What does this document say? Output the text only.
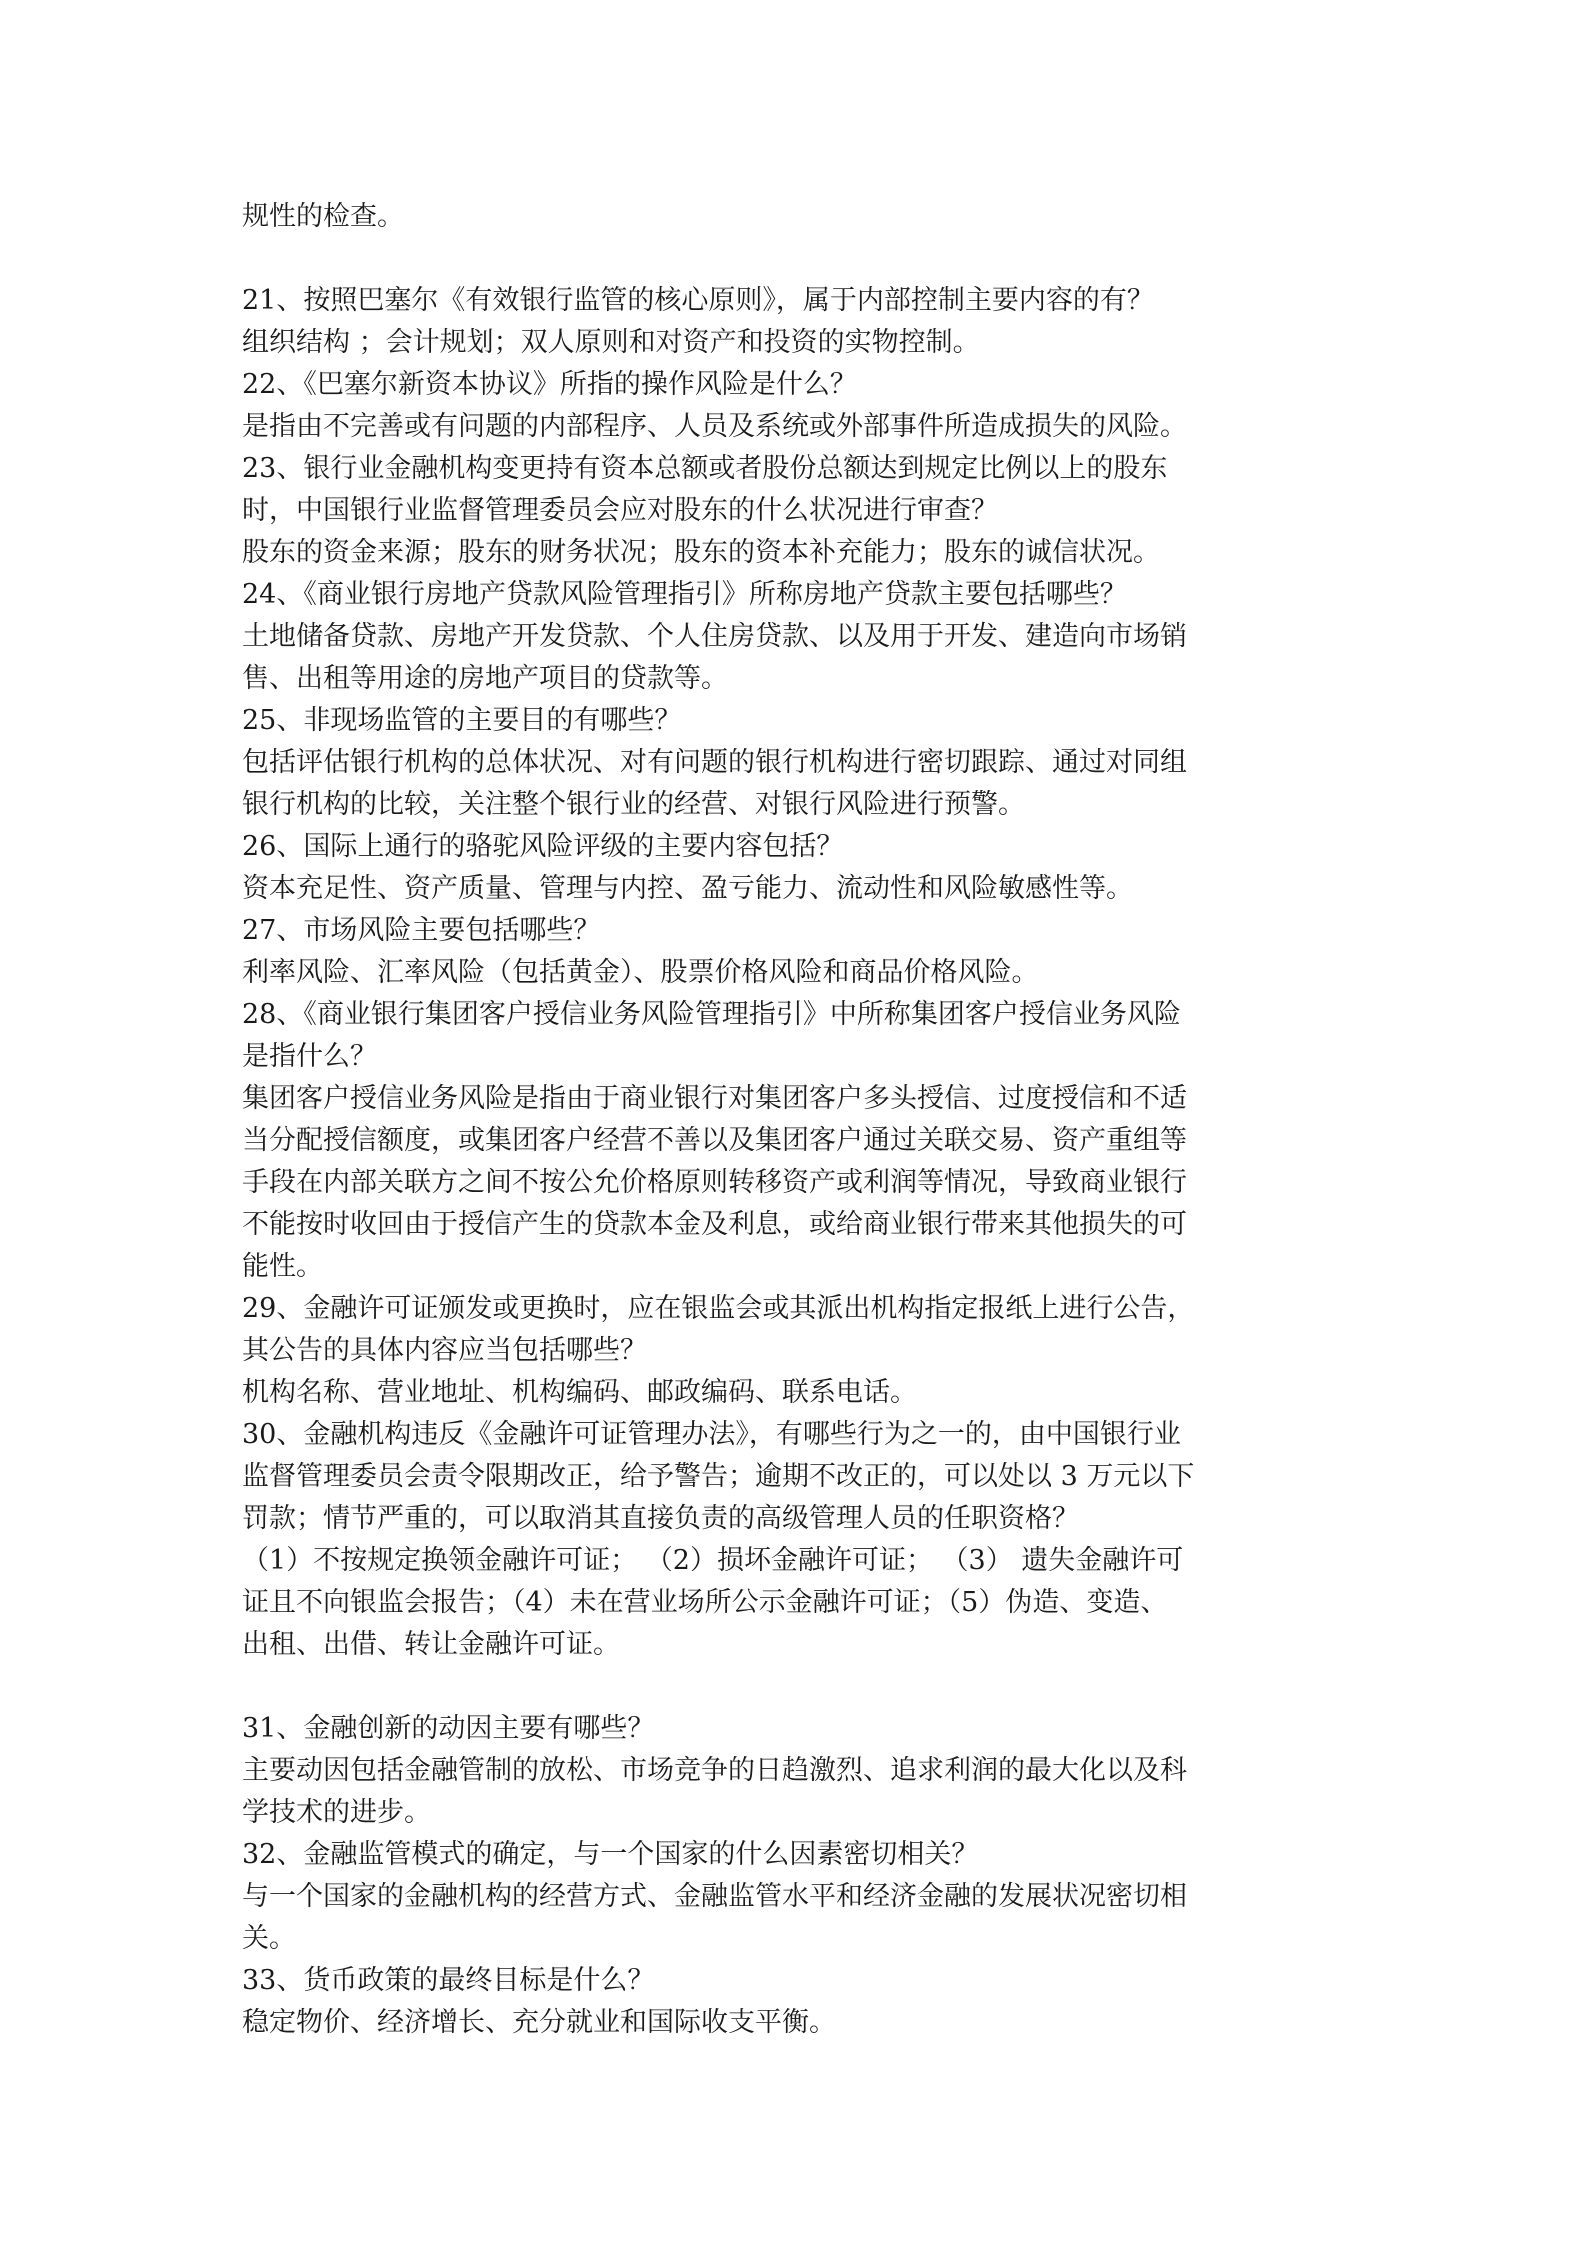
规性的检查。
21、按照巴塞尔《有效银行监管的核心原则》，属于内部控制主要内容的有？
组织结构 ；会计规划；双人原则和对资产和投资的实物控制。
22、《巴塞尔新资本协议》所指的操作风险是什么？
是指由不完善或有问题的内部程序、人员及系统或外部事件所造成损失的风险。
23、银行业金融机构变更持有资本总额或者股份总额达到规定比例以上的股东
时，中国银行业监督管理委员会应对股东的什么状况进行审查？
股东的资金来源；股东的财务状况；股东的资本补充能力；股东的诚信状况。
24、《商业银行房地产贷款风险管理指引》所称房地产贷款主要包括哪些？
土地储备贷款、房地产开发贷款、个人住房贷款、以及用于开发、建造向市场销
售、出租等用途的房地产项目的贷款等。
25、非现场监管的主要目的有哪些？
包括评估银行机构的总体状况、对有问题的银行机构进行密切跟踪、通过对同组
银行机构的比较，关注整个银行业的经营、对银行风险进行预警。
26、国际上通行的骆驼风险评级的主要内容包括？
资本充足性、资产质量、管理与内控、盈亏能力、流动性和风险敏感性等。
27、市场风险主要包括哪些？
利率风险、汇率风险（包括黄金）、股票价格风险和商品价格风险。
28、《商业银行集团客户授信业务风险管理指引》中所称集团客户授信业务风险
是指什么？
集团客户授信业务风险是指由于商业银行对集团客户多头授信、过度授信和不适
当分配授信额度，或集团客户经营不善以及集团客户通过关联交易、资产重组等
手段在内部关联方之间不按公允价格原则转移资产或利润等情况，导致商业银行
不能按时收回由于授信产生的贷款本金及利息，或给商业银行带来其他损失的可
能性。
29、金融许可证颁发或更换时，应在银监会或其派出机构指定报纸上进行公告，
其公告的具体内容应当包括哪些？
机构名称、营业地址、机构编码、邮政编码、联系电话。
30、金融机构违反《金融许可证管理办法》，有哪些行为之一的，由中国银行业
监督管理委员会责令限期改正，给予警告；逾期不改正的，可以处以 3 万元以下
罚款；情节严重的，可以取消其直接负责的高级管理人员的任职资格？
（1）不按规定换领金融许可证； （2）损坏金融许可证； （3） 遗失金融许可
证且不向银监会报告；（4）未在营业场所公示金融许可证；（5）伪造、变造、
出租、出借、转让金融许可证。
31、金融创新的动因主要有哪些？
主要动因包括金融管制的放松、市场竞争的日趋激烈、追求利润的最大化以及科
学技术的进步。
32、金融监管模式的确定，与一个国家的什么因素密切相关？
与一个国家的金融机构的经营方式、金融监管水平和经济金融的发展状况密切相
关。
33、货币政策的最终目标是什么？
稳定物价、经济增长、充分就业和国际收支平衡。
